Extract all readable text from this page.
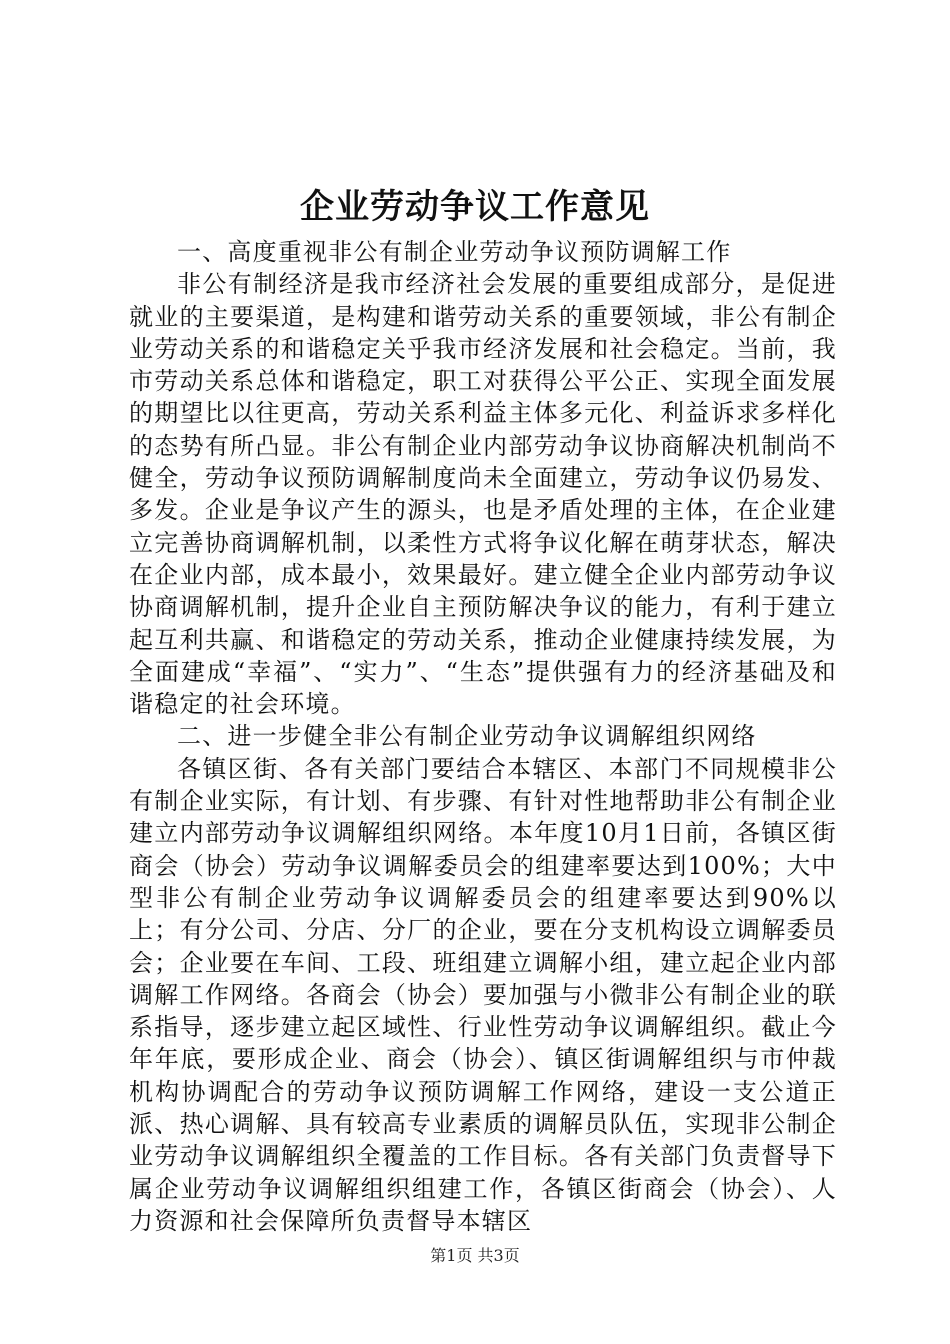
企业劳动争议工作意见

一、高度重视非公有制企业劳动争议预防调解工作

非公有制经济是我市经济社会发展的重要组成部分，是促进就业的主要渠道，是构建和谐劳动关系的重要领域，非公有制企业劳动关系的和谐稳定关乎我市经济发展和社会稳定。当前，我市劳动关系总体和谐稳定，职工对获得公平公正、实现全面发展的期望比以往更高，劳动关系利益主体多元化、利益诉求多样化的态势有所凸显。非公有制企业内部劳动争议协商解决机制尚不健全，劳动争议预防调解制度尚未全面建立，劳动争议仍易发、多发。企业是争议产生的源头，也是矛盾处理的主体，在企业建立完善协商调解机制，以柔性方式将争议化解在萌芽状态，解决在企业内部，成本最小，效果最好。建立健全企业内部劳动争议协商调解机制，提升企业自主预防解决争议的能力，有利于建立起互利共赢、和谐稳定的劳动关系，推动企业健康持续发展，为全面建成“幸福”、“实力”、“生态”提供强有力的经济基础及和谐稳定的社会环境。

二、进一步健全非公有制企业劳动争议调解组织网络

各镇区街、各有关部门要结合本辖区、本部门不同规模非公有制企业实际，有计划、有步骤、有针对性地帮助非公有制企业建立内部劳动争议调解组织网络。本年度10月1日前，各镇区街商会（协会）劳动争议调解委员会的组建率要达到100%；大中型非公有制企业劳动争议调解委员会的组建率要达到90%以上；有分公司、分店、分厂的企业，要在分支机构设立调解委员会；企业要在车间、工段、班组建立调解小组，建立起企业内部调解工作网络。各商会（协会）要加强与小微非公有制企业的联系指导，逐步建立起区域性、行业性劳动争议调解组织。截止今年年底，要形成企业、商会（协会）、镇区街调解组织与市仲裁机构协调配合的劳动争议预防调解工作网络，建设一支公道正派、热心调解、具有较高专业素质的调解员队伍，实现非公制企业劳动争议调解组织全覆盖的工作目标。各有关部门负责督导下属企业劳动争议调解组织组建工作，各镇区街商会（协会）、人力资源和社会保障所负责督导本辖区

第1页 共3页
